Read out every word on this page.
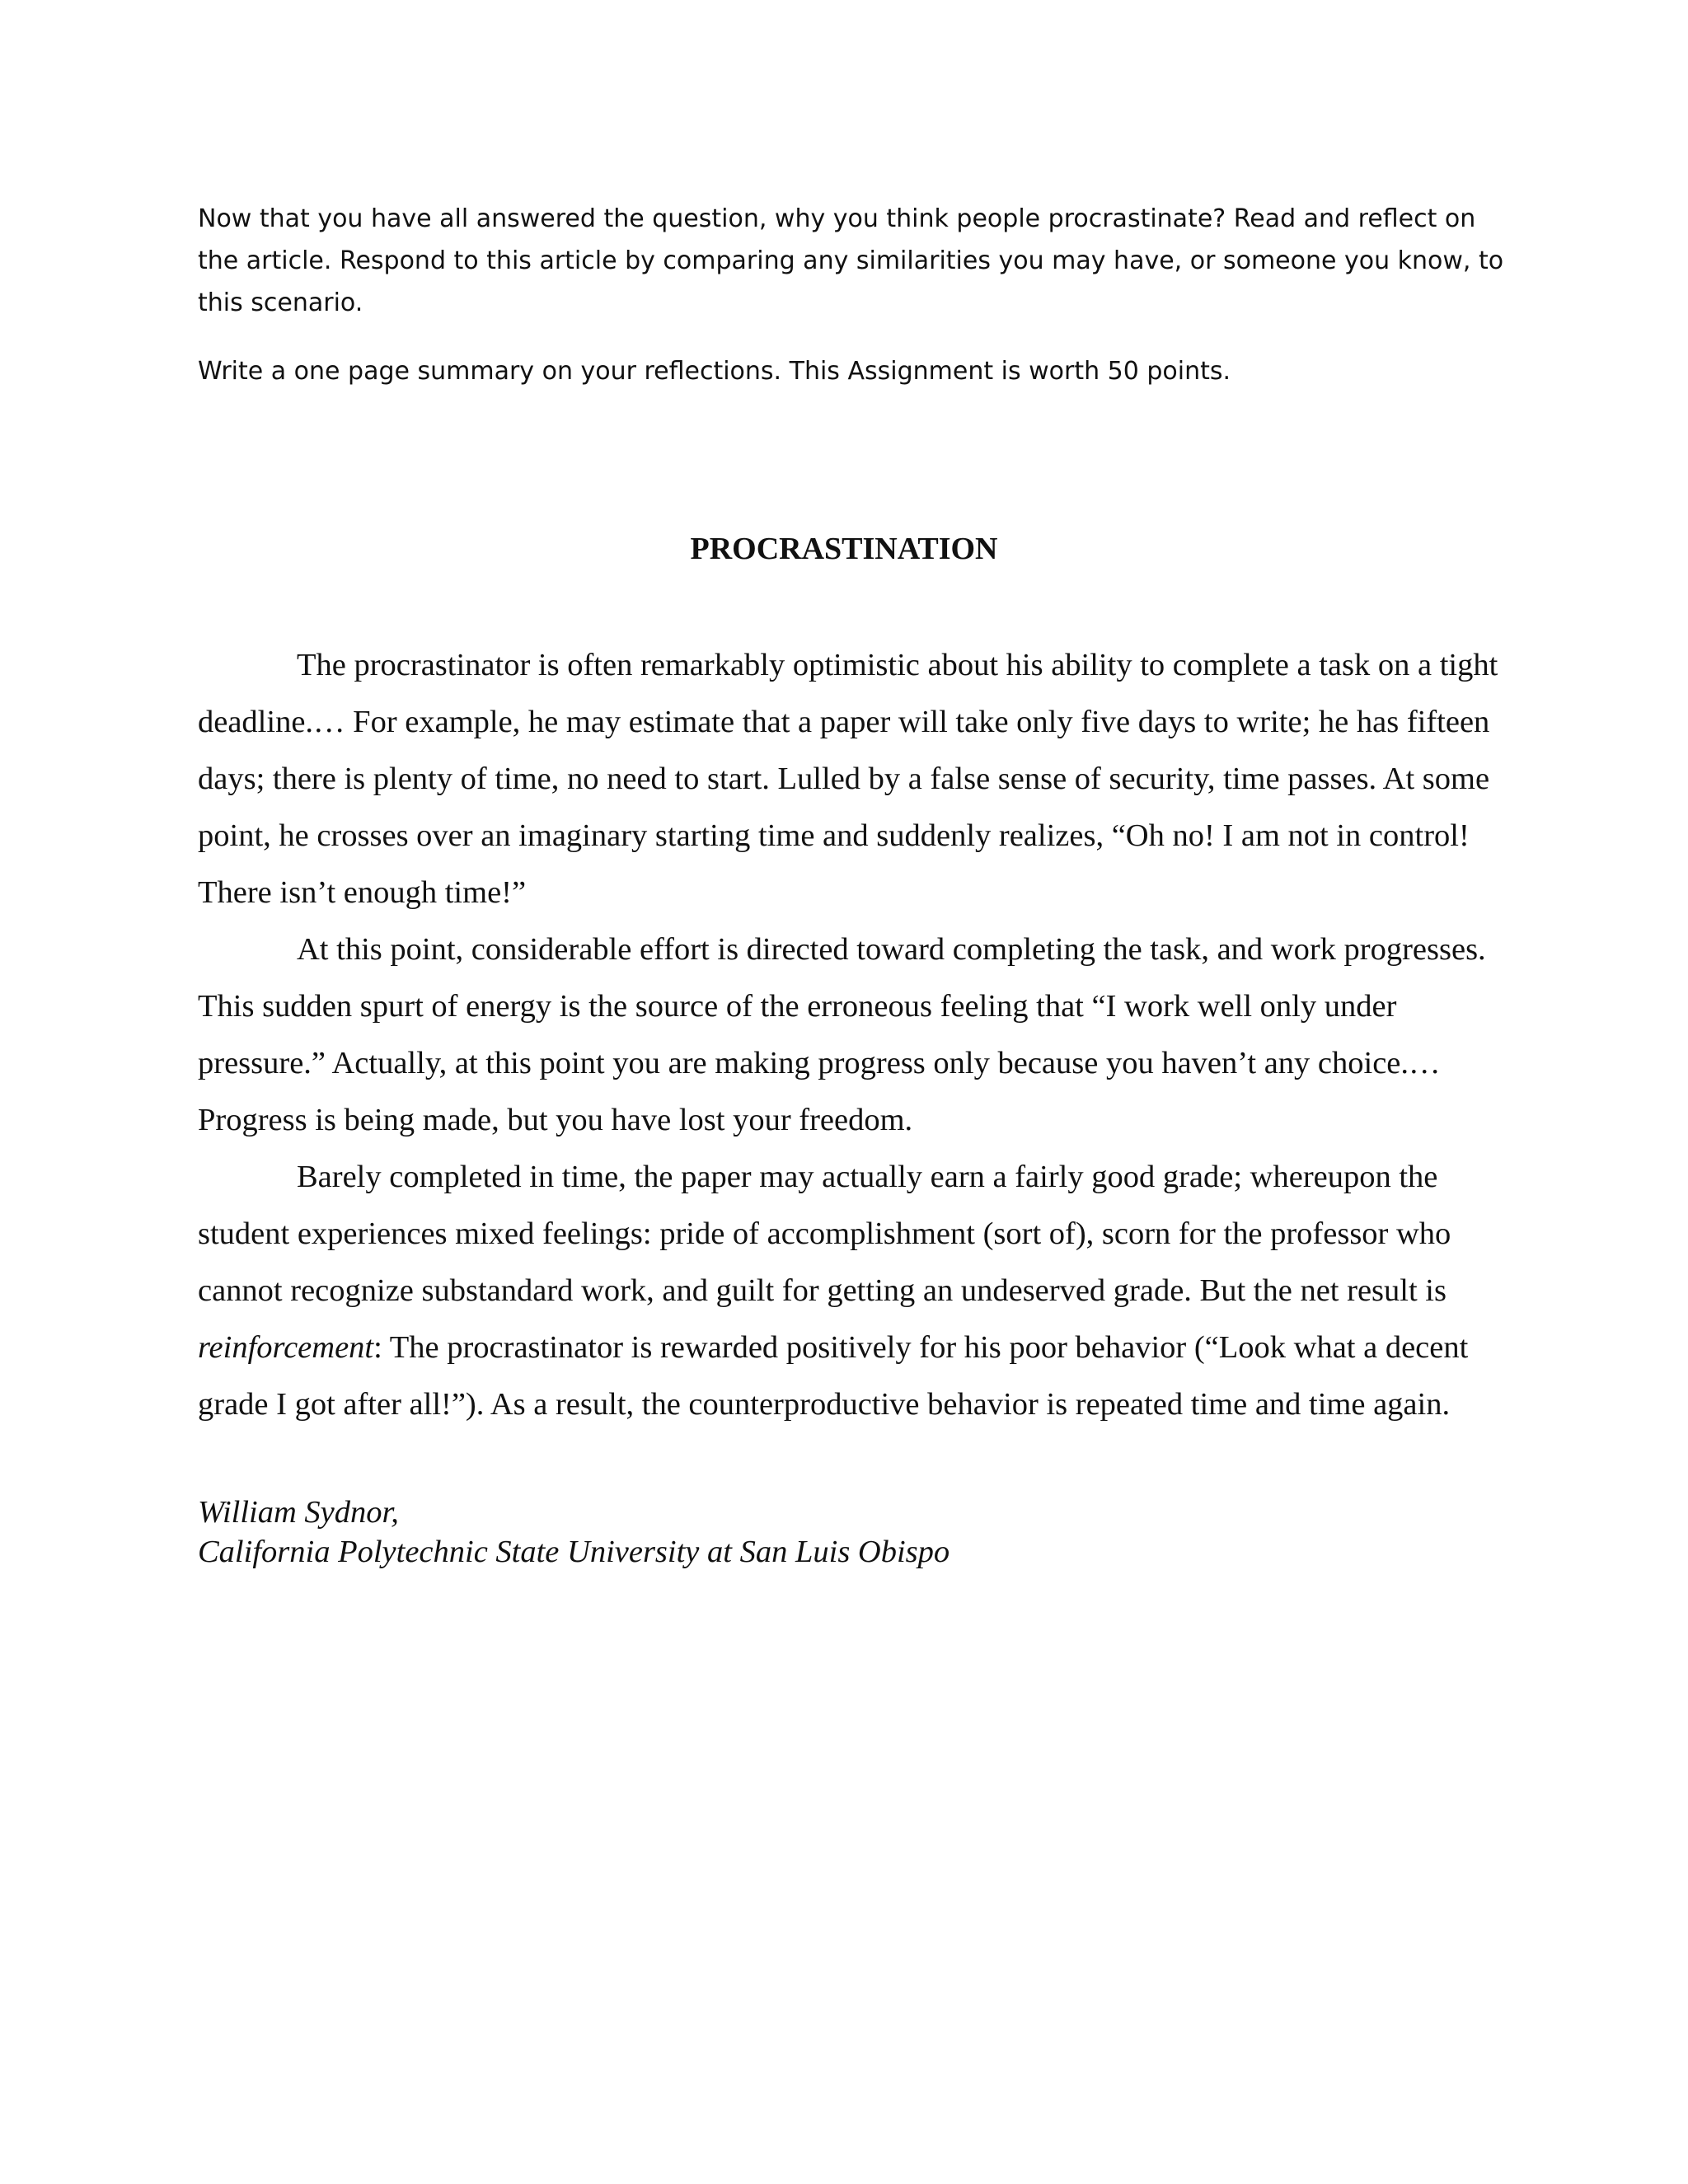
Now that you have all answered the question, why you think people procrastinate? Read and reflect on the article. Respond to this article by comparing any similarities you may have, or someone you know, to this scenario.

Write a one page summary on your reflections. This Assignment is worth 50 points.

PROCRASTINATION

The procrastinator is often remarkably optimistic about his ability to complete a task on a tight deadline.… For example, he may estimate that a paper will take only five days to write; he has fifteen days; there is plenty of time, no need to start. Lulled by a false sense of security, time passes. At some point, he crosses over an imaginary starting time and suddenly realizes, “Oh no! I am not in control! There isn’t enough time!”

At this point, considerable effort is directed toward completing the task, and work progresses. This sudden spurt of energy is the source of the erroneous feeling that “I work well only under pressure.” Actually, at this point you are making progress only because you haven’t any choice.… Progress is being made, but you have lost your freedom.

Barely completed in time, the paper may actually earn a fairly good grade; whereupon the student experiences mixed feelings: pride of accomplishment (sort of), scorn for the professor who cannot recognize substandard work, and guilt for getting an undeserved grade. But the net result is reinforcement: The procrastinator is rewarded positively for his poor behavior (“Look what a decent grade I got after all!”). As a result, the counterproductive behavior is repeated time and time again.

William Sydnor,
California Polytechnic State University at San Luis Obispo
